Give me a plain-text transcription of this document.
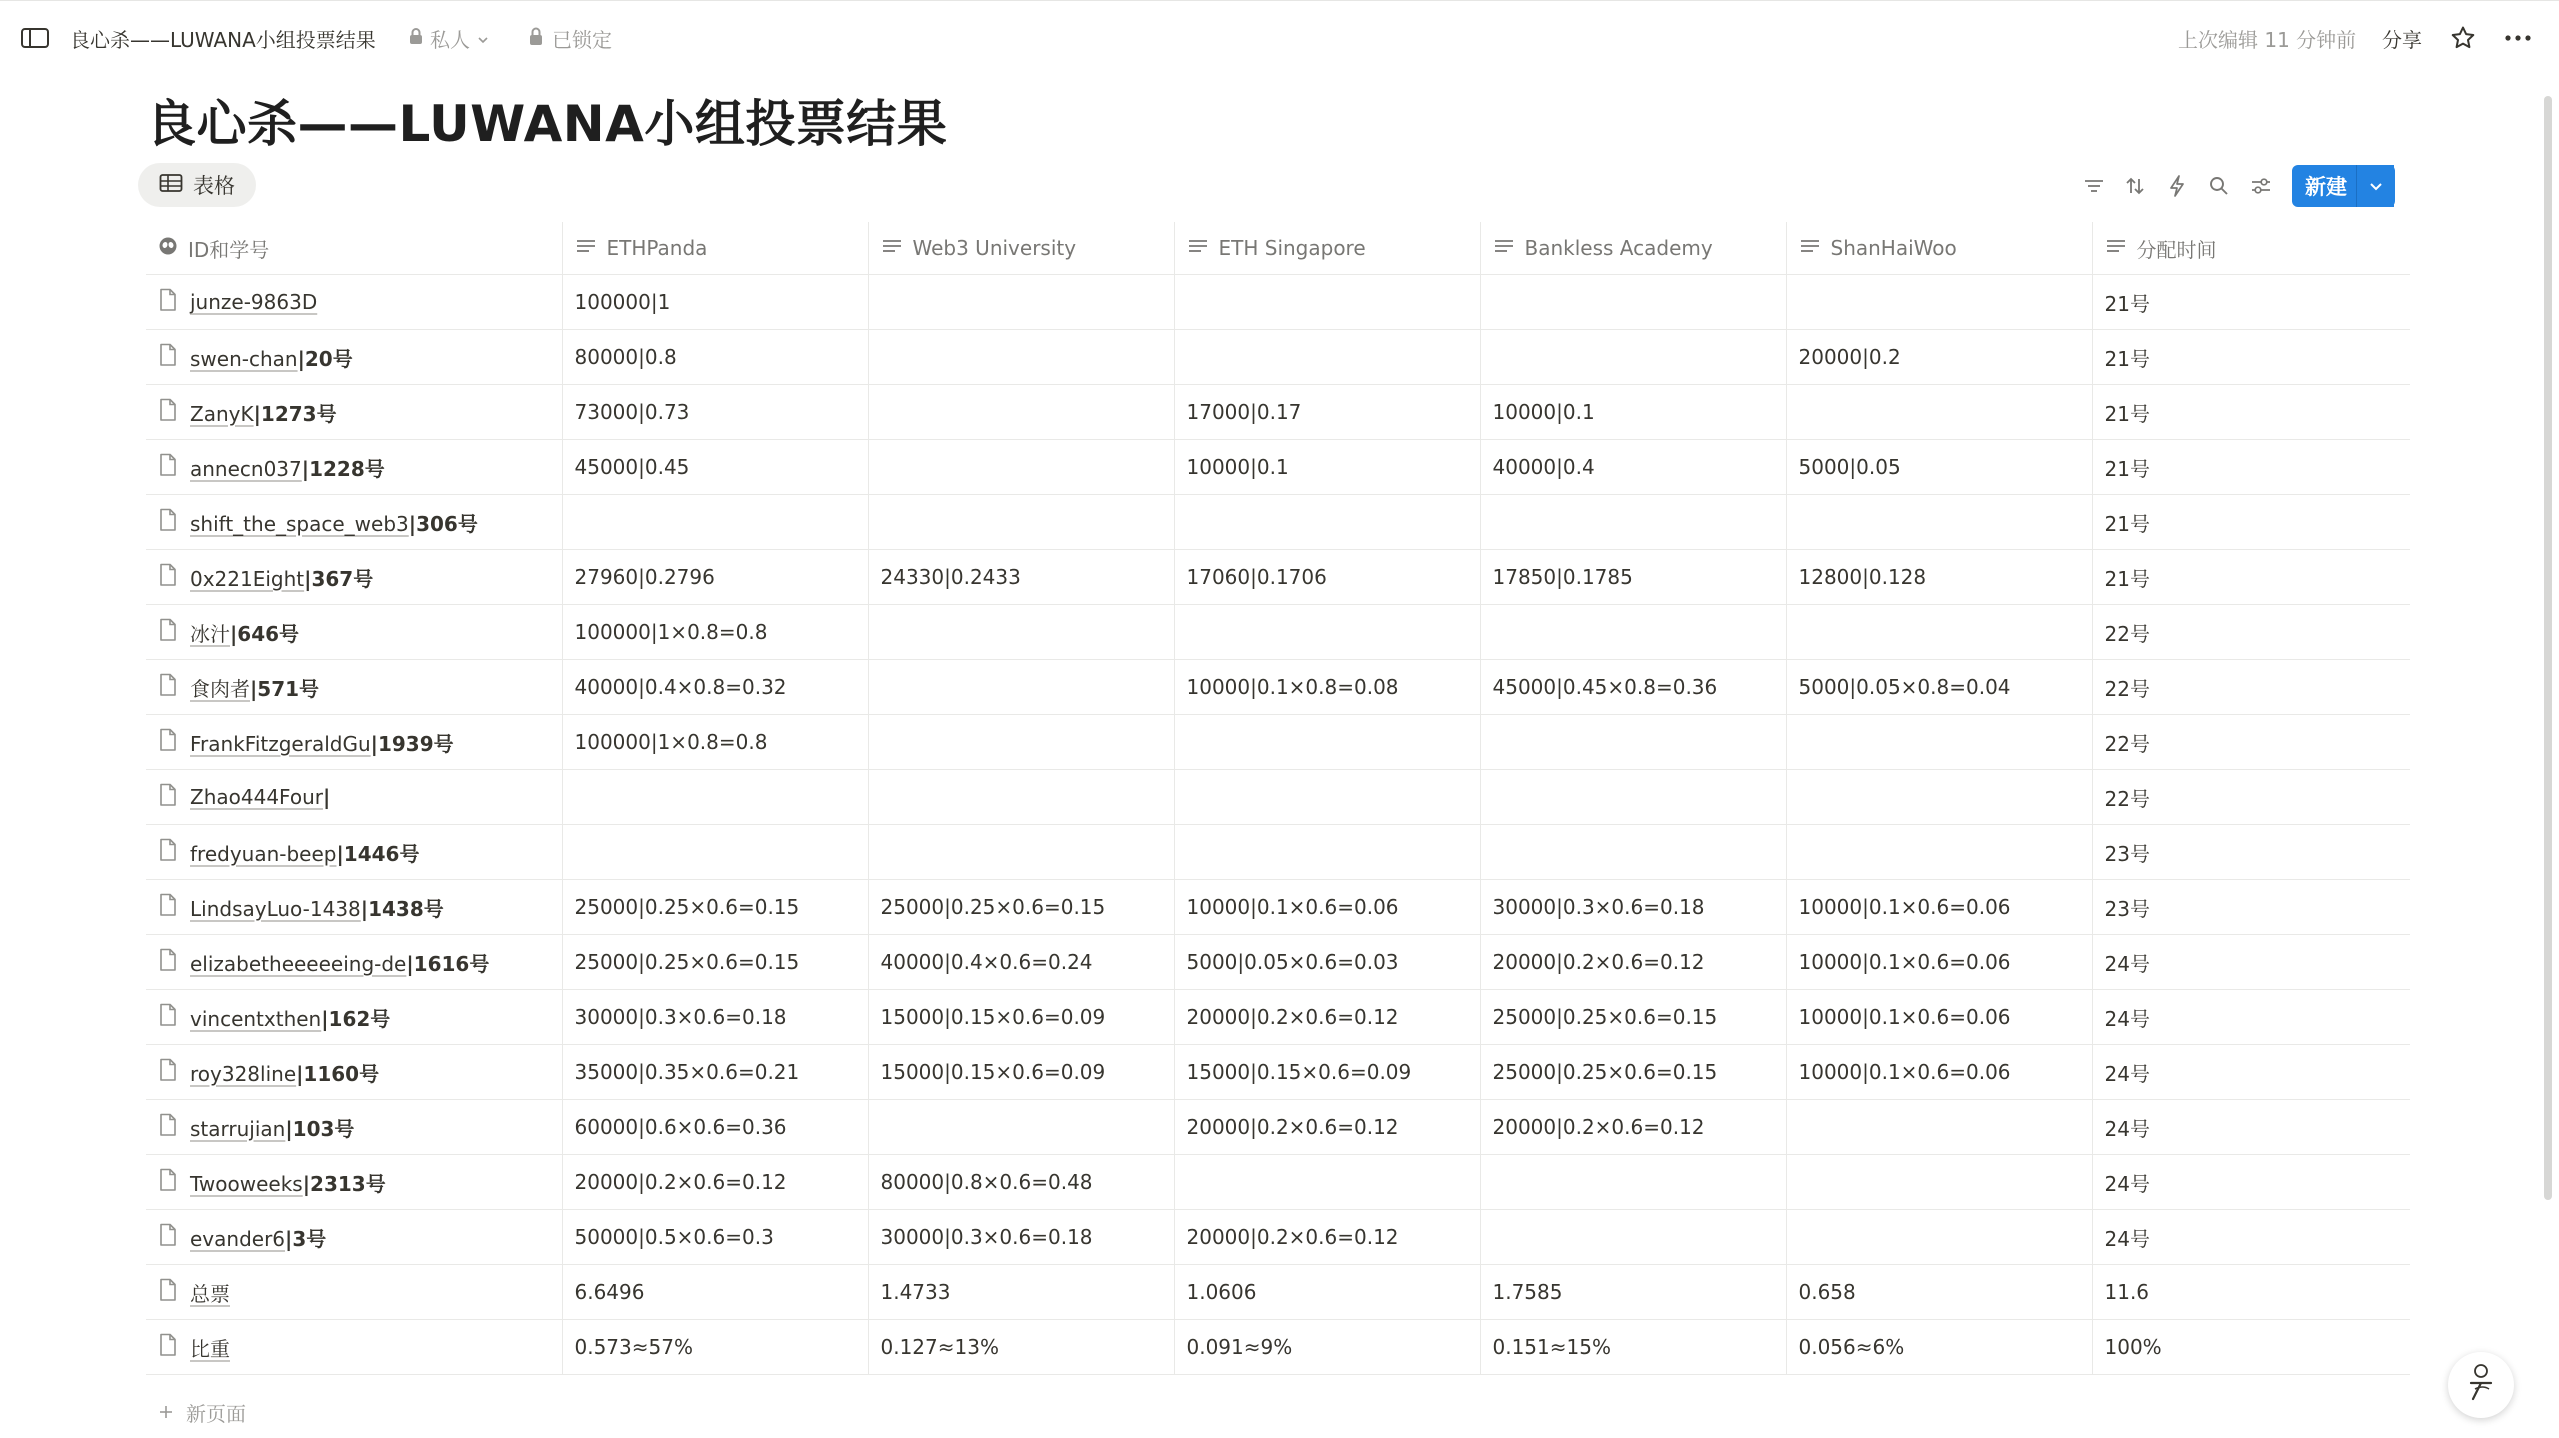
良心杀——LUWANA小组投票结果	私人	已锁定	上次编辑 11 分钟前 分享
良心杀——LUWANA小组投票结果
表格	新建
ID和学号	ETHPanda	Web3 University	ETH Singapore	Bankless Academy	ShanHaiWoo	分配时间

junze-9863D	100000|1					21号

swen-chan|20号	80000|0.8				20000|0.2	21号

ZanyK|1273号	73000|0.73		17000|0.17	10000|0.1		21号

annecn037|1228号	45000|0.45		10000|0.1	40000|0.4	5000|0.05	21号

shift_the_space_web3|306号						21号

0x221Eight|367号	27960|0.2796	24330|0.2433	17060|0.1706	17850|0.1785	12800|0.128	21号

冰汁|646号	100000|1×0.8=0.8					22号

食肉者|571号	40000|0.4×0.8=0.32		10000|0.1×0.8=0.08	45000|0.45×0.8=0.36	5000|0.05×0.8=0.04	22号

FrankFitzgeraldGu|1939号	100000|1×0.8=0.8					22号

Zhao444Four|						22号

fredyuan-beep|1446号						23号

LindsayLuo-1438|1438号	25000|0.25×0.6=0.15	25000|0.25×0.6=0.15	10000|0.1×0.6=0.06	30000|0.3×0.6=0.18	10000|0.1×0.6=0.06	23号

elizabetheeeeeing-de|1616号	25000|0.25×0.6=0.15	40000|0.4×0.6=0.24	5000|0.05×0.6=0.03	20000|0.2×0.6=0.12	10000|0.1×0.6=0.06	24号

vincentxthen|162号	30000|0.3×0.6=0.18	15000|0.15×0.6=0.09	20000|0.2×0.6=0.12	25000|0.25×0.6=0.15	10000|0.1×0.6=0.06	24号

roy328line|1160号	35000|0.35×0.6=0.21	15000|0.15×0.6=0.09	15000|0.15×0.6=0.09	25000|0.25×0.6=0.15	10000|0.1×0.6=0.06	24号

starrujian|103号	60000|0.6×0.6=0.36		20000|0.2×0.6=0.12	20000|0.2×0.6=0.12		24号

Twooweeks|2313号	20000|0.2×0.6=0.12	80000|0.8×0.6=0.48				24号

evander6|3号	50000|0.5×0.6=0.3	30000|0.3×0.6=0.18	20000|0.2×0.6=0.12			24号

总票	6.6496	1.4733	1.0606	1.7585	0.658	11.6

比重	0.573≈57%	0.127≈13%	0.091≈9%	0.151≈15%	0.056≈6%	100%
新页面
